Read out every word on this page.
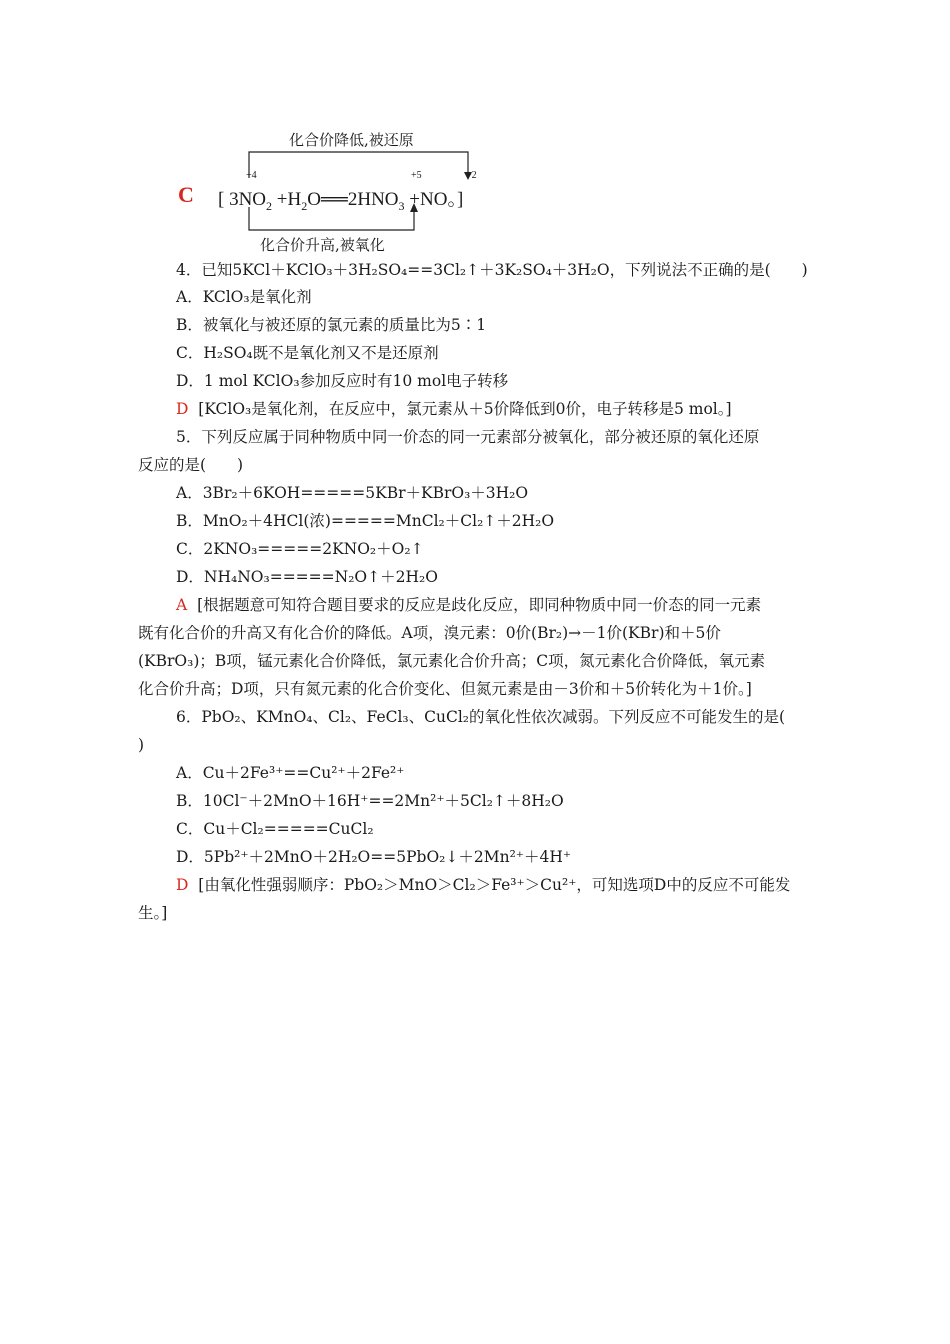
化合价降低,被还原
+4	+5	+2
C [ $3NO_2$ $+H_2O══2HNO_3 +NO$。]
化合价升高,被氧化
4．已知5KCl＋KClO₃＋3H₂SO₄==3Cl₂↑＋3K₂SO₄＋3H₂O，下列说法不正确的是(　　)
A．KClO₃是氧化剂
B．被氧化与被还原的氯元素的质量比为5∶1
C．H₂SO₄既不是氧化剂又不是还原剂
D．1 mol KClO₃参加反应时有10 mol电子转移
D [KClO₃是氧化剂，在反应中，氯元素从＋5价降低到0价，电子转移是5 mol。]
5．下列反应属于同种物质中同一价态的同一元素部分被氧化，部分被还原的氧化还原
反应的是(　　)
A．3Br₂＋6KOH=====5KBr＋KBrO₃＋3H₂O
B．MnO₂＋4HCl(浓)=====MnCl₂＋Cl₂↑＋2H₂O
C．2KNO₃=====2KNO₂＋O₂↑
D．NH₄NO₃=====N₂O↑＋2H₂O
A [根据题意可知符合题目要求的反应是歧化反应，即同种物质中同一价态的同一元素
既有化合价的升高又有化合价的降低。A项，溴元素：0价(Br₂)→－1价(KBr)和＋5价
(KBrO₃)；B项，锰元素化合价降低，氯元素化合价升高；C项，氮元素化合价降低，氧元素
化合价升高；D项，只有氮元素的化合价变化、但氮元素是由－3价和＋5价转化为＋1价。]
6．PbO₂、KMnO₄、Cl₂、FeCl₃、CuCl₂的氧化性依次减弱。下列反应不可能发生的是(
)
A．Cu＋2Fe³⁺==Cu²⁺＋2Fe²⁺
B．10Cl⁻＋2MnO＋16H⁺==2Mn²⁺＋5Cl₂↑＋8H₂O
C．Cu＋Cl₂=====CuCl₂
D．5Pb²⁺＋2MnO＋2H₂O==5PbO₂↓＋2Mn²⁺＋4H⁺
D [由氧化性强弱顺序：PbO₂＞MnO＞Cl₂＞Fe³⁺＞Cu²⁺，可知选项D中的反应不可能发
生。]
